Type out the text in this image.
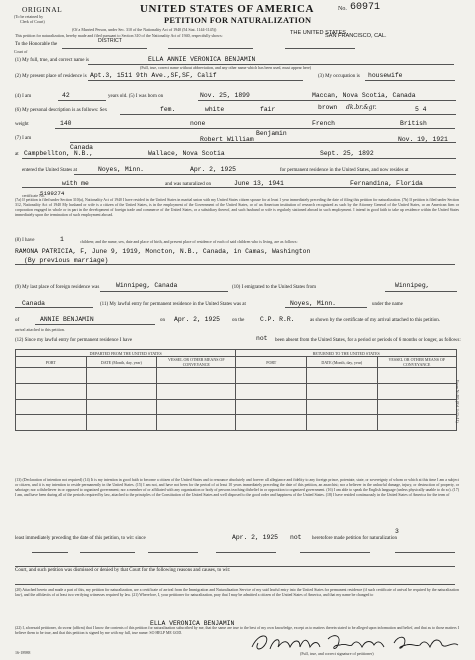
ORIGINAL
(To be retained by
Clerk of Court)
UNITED STATES OF AMERICA
PETITION FOR NATURALIZATION
No. 60971
(Of a Married Person, under Sec. 310 of the Nationality Act of 1940 (54 Stat. 1144-1145))
This petition for naturalization, hereby made and filed pursuant to Section 310 of the Nationality Act of 1940, respectfully shows:	THE UNITED STATES
SAN FRANCISCO, CAL.
DISTRICT
To the Honorable the
Court of
(1) My full, true, and correct name is	ELLA ANNIE VERONICA BENJAMIN
(Full, true, correct name without abbreviation, and any other name which has been used, must appear here)
(2) My present place of residence is Apt.3, 1511 9th Ave.,SF,SF, Calif	(3) My occupation is housewife
(4) I am	42	years old. (5) I was born on	Nov. 25, 1899	Maccan, Nova Scotia, Canada
(6) My personal description is as follows: Sex	fem.	white	fair	brown dk.br.&gr.	5 4
weight	140	none	French	British
(7) I am
Benjamin
Robert William	Nov. 19, 1921
Canada
at Campbellton, N.B.,	Wallace, Nova Scotia	Sept. 25, 1892
entered the United States at	Noyes, Minn.	Apr. 2, 1925	for permanent residence in the United States, and now resides at
with me	and was naturalized on	June 13, 1941	Fernandina, Florida
certificate No.
5199274
(7a) If petition is filed under Section 310(a), Nationality Act of 1940 I have resided in the United States in marital union with my United States citizen spouse for at least 1 year immediately preceding the date of filing this petition for naturalization. (7b) If petition is filed under Section 312, Nationality Act of 1940 My husband or wife is a citizen of the United States, is in the employment of the Government of the United States, or of an American institution of research recognized as such by the Attorney General of the United States, or an American firm or corporation engaged in whole or in part in the development of foreign trade and commerce of the United States, or a subsidiary thereof, and such husband or wife is regularly stationed abroad in such employment. I intend in good faith to take up residence within the United States immediately upon the termination of such employment abroad.
(8) I have	1	children; and the name, sex, date and place of birth, and present place of residence of each of said children who is living, are as follows:
RAMONA PATRICIA, F, June 9, 1919, Moncton, N.B., Canada, in Camas, Washington
(By previous marriage)
(9) My last place of foreign residence was	Winnipeg, Canada	(10) I emigrated to the United States from	Winnipeg,
Canada	(11) My lawful entry for permanent residence in the United States was at	Noyes, Minn.	under the name
of	ANNIE BENJAMIN	on Apr. 2, 1925 on the C.P. R.R.	as shown by the certificate of my arrival attached to this petition.
arrival attached to this petition.
(12) Since my lawful entry for permanent residence I have	not been absent from the United States, for a period or periods of 6 months or longer, as follows:
DEPARTED FROM THE UNITED STATES			RETURNED TO THE UNITED STATES		
PORT	DATE (Month, day, year)	VESSEL OR OTHER MEANS OF CONVEYANCE	PORT	DATE (Month, day, year)	VESSEL OR OTHER MEANS OF CONVEYANCE

(13) (Declaration of intention not required) (14) It is my intention in good faith to become a citizen of the United States and to renounce absolutely and forever all allegiance and fidelity to any foreign prince, potentate, state, or sovereignty of whom or which at this time I am a subject or citizen, and it is my intention to reside permanently in the United States. (15) I am not, and have not been for the period of at least 10 years immediately preceding the date of this petition, an anarchist; nor a believer in the unlawful damage, injury, or destruction of property, or sabotage; nor a disbeliever in or opposed to organized government; nor a member of or affiliated with any organization or body of persons teaching disbelief in or opposition to organized government. (16) I am able to speak the English language (unless physically unable to do so). (17) I am, and have been during all of the periods required by law, attached to the principles of the Constitution of the United States and well disposed to the good order and happiness of the United States. (18) I have resided continuously in the United States of America for the term of
3
least immediately preceding the date of this petition, to wit: since	Apr. 2, 1925 not heretofore made petition for naturalization
Court, and such petition was dismissed or denied by that Court for the following reasons and causes, to wit:
(20) Attached hereto and made a part of this, my petition for naturalization, are a certificate of arrival from the Immigration and Naturalization Service of my said lawful entry into the United States for permanent residence (if such certificate of arrival be required by the naturalization law), and the affidavits of at least two verifying witnesses required by law. (21) Wherefore, I, your petitioner for naturalization, pray that I may be admitted a citizen of the United States of America, and that my name be changed to
ELLA VERONICA BENJAMIN
(22) I, aforesaid petitioner, do swear (affirm) that I know the contents of this petition for naturalization subscribed by me, that the same are true to the best of my own knowledge, except as to matters therein stated to be alleged upon information and belief, and that as to those matters I believe them to be true, and that this petition is signed by me with my full, true name: SO HELP ME GOD.
(Full, true, and correct signature of petitioner)
16-18988
Form N-405 (Ed. 2-15-41)
